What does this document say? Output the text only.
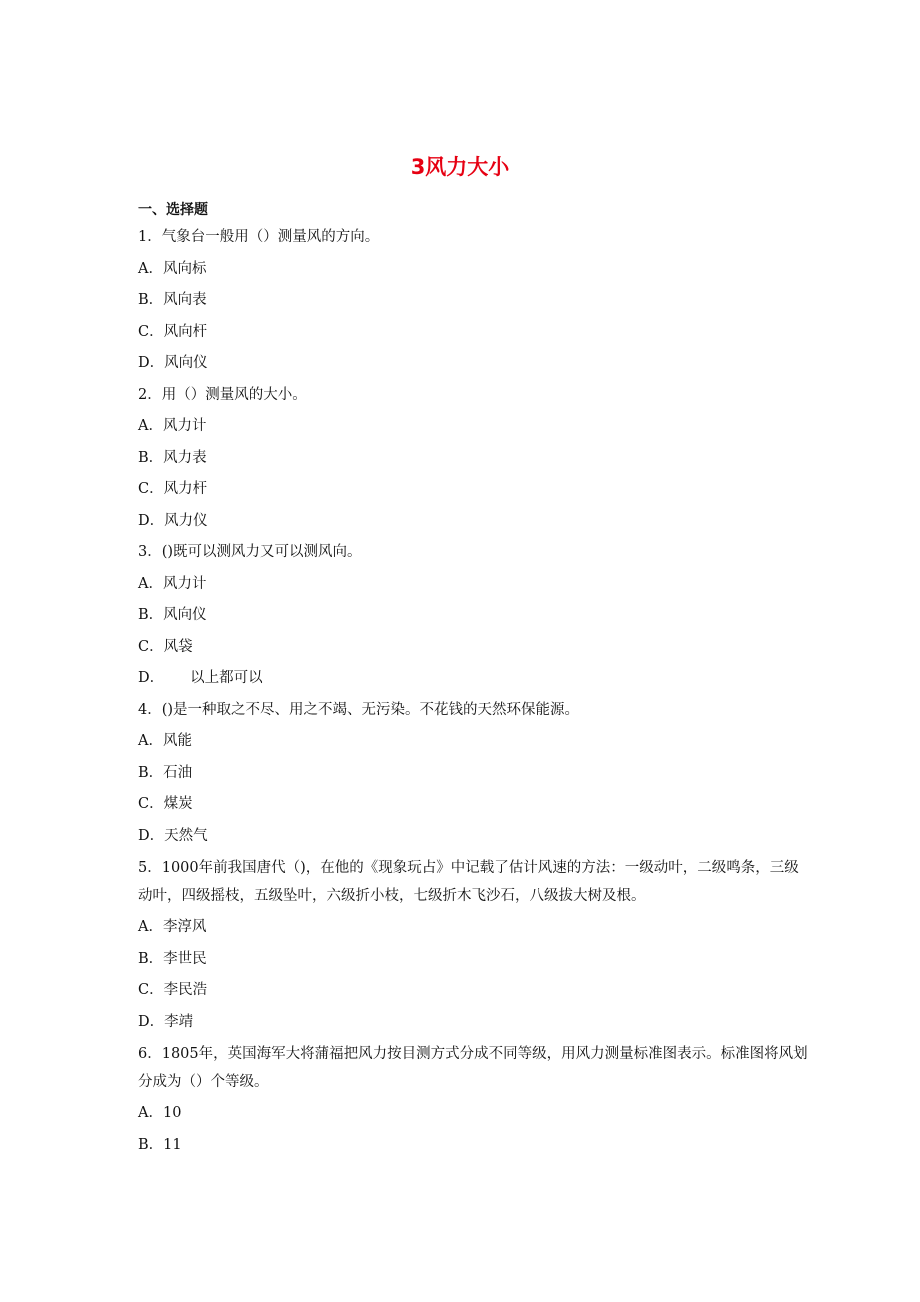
3风力大小
一、选择题
1．气象台一般用（）测量风的方向。
A．风向标
B．风向表
C．风向杆
D．风向仪
2．用（）测量风的大小。
A．风力计
B．风力表
C．风力杆
D．风力仪
3．()既可以测风力又可以测风向。
A．风力计
B．风向仪
C．风袋
D． 以上都可以
4．()是一种取之不尽、用之不竭、无污染。不花钱的天然环保能源。
A．风能
B．石油
C．煤炭
D．天然气
5．1000年前我国唐代（)，在他的《现象玩占》中记载了估计风速的方法：一级动叶，二级鸣条，三级动叶，四级摇枝，五级坠叶，六级折小枝，七级折木飞沙石，八级拔大树及根。
A．李淳风
B．李世民
C．李民浩
D．李靖
6．1805年，英国海军大将蒲福把风力按目测方式分成不同等级，用风力测量标准图表示。标准图将风划分成为（）个等级。
A．10
B．11
